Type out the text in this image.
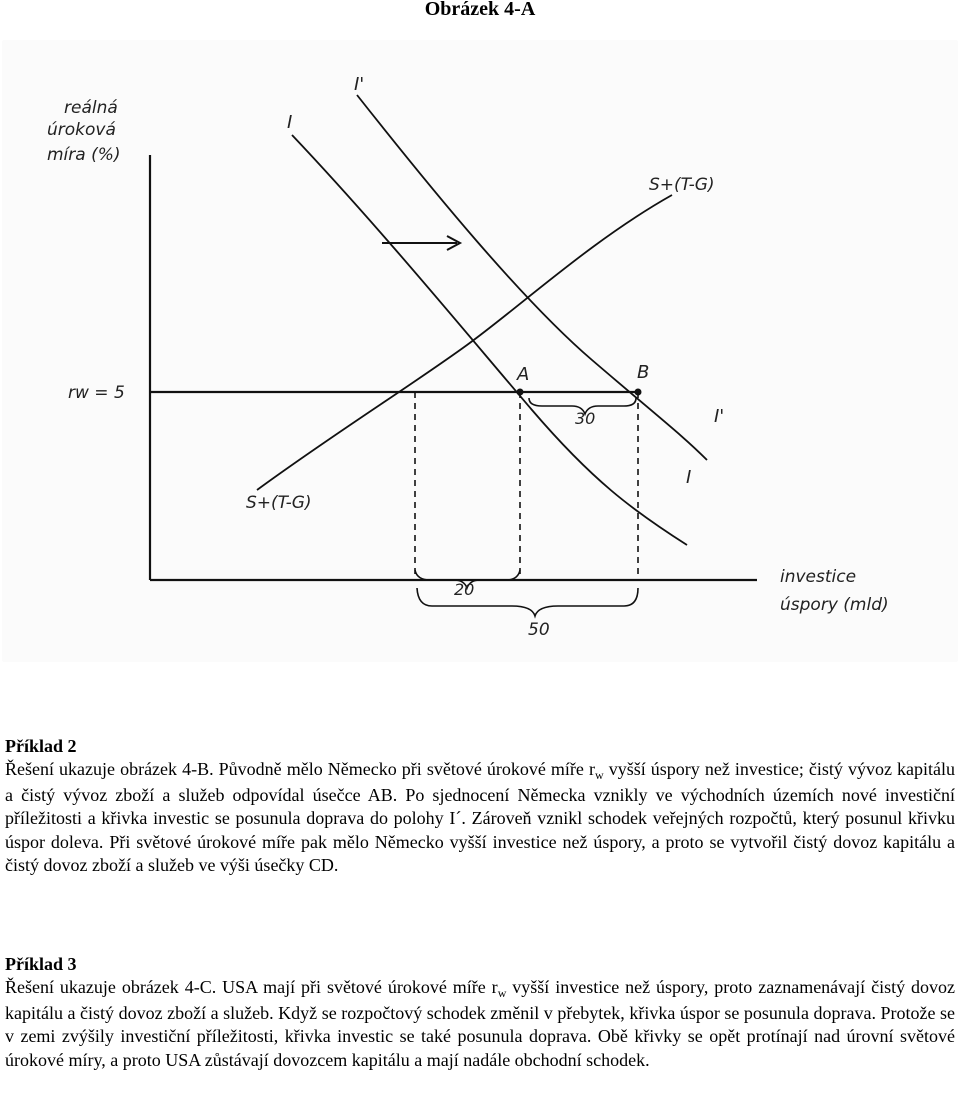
Obrázek 4-A
reálná
úroková
míra (%)
investice
úspory (mld)
rw = 5
I
I
I'
I'
S+(T-G)
S+(T-G)
A	B
30
20
50
Příklad 2

Řešení ukazuje obrázek 4-B. Původně mělo Německo při světové úrokové míře $r_w$ vyšší úspory než investice; čistý vývoz kapitálu a čistý vývoz zboží a služeb odpovídal úsečce AB. Po sjednocení Německa vznikly ve východních územích nové investiční příležitosti a křivka investic se posunula doprava do polohy I´. Zároveň vznikl schodek veřejných rozpočtů, který posunul křivku úspor doleva. Při světové úrokové míře pak mělo Německo vyšší investice než úspory, a proto se vytvořil čistý dovoz kapitálu a čistý dovoz zboží a služeb ve výši úsečky CD.

Příklad 3

Řešení ukazuje obrázek 4-C. USA mají při světové úrokové míře $r_w$ vyšší investice než úspory, proto zaznamenávají čistý dovoz kapitálu a čistý dovoz zboží a služeb. Když se rozpočtový schodek změnil v přebytek, křivka úspor se posunula doprava. Protože se v zemi zvýšily investiční příležitosti, křivka investic se také posunula doprava. Obě křivky se opět protínají nad úrovní světové úrokové míry, a proto USA zůstávají dovozcem kapitálu a mají nadále obchodní schodek.
